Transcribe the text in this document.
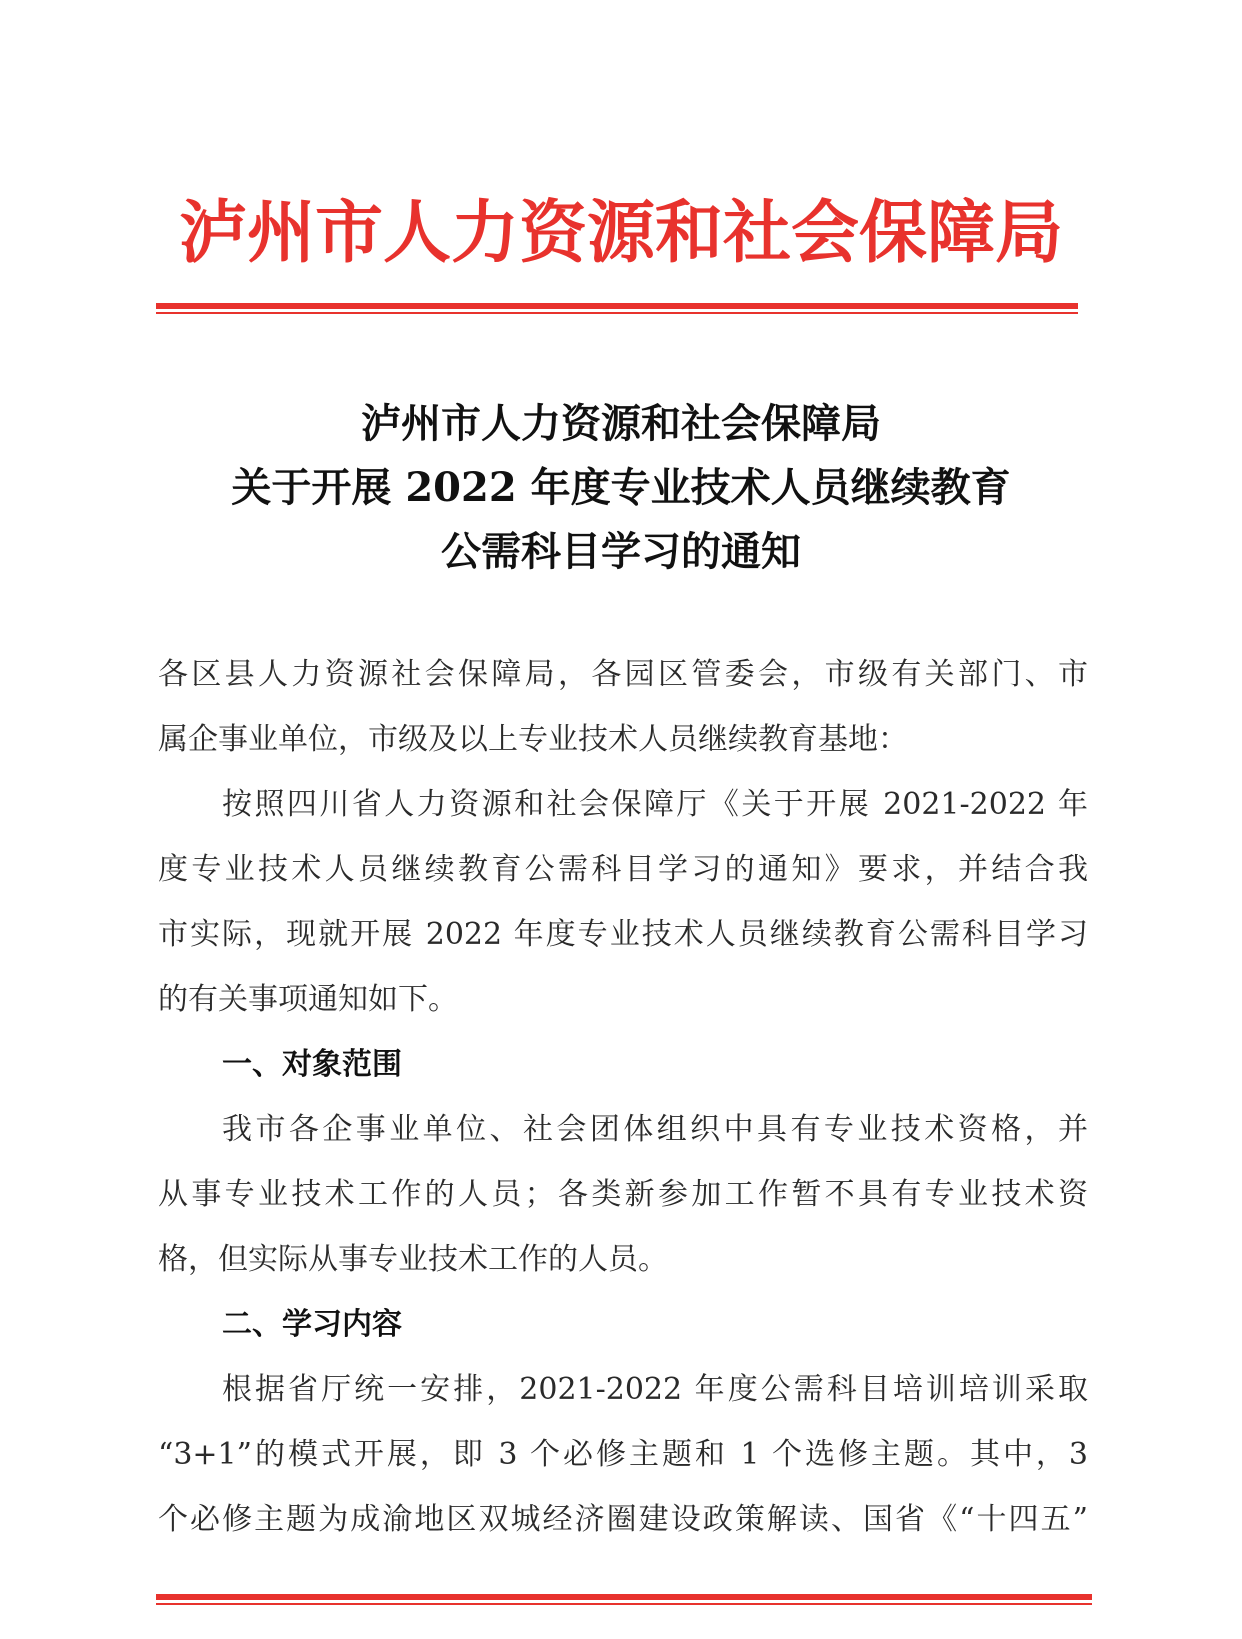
泸州市人力资源和社会保障局
泸州市人力资源和社会保障局
关于开展 2022 年度专业技术人员继续教育
公需科目学习的通知
各区县人力资源社会保障局，各园区管委会，市级有关部门、市
属企事业单位，市级及以上专业技术人员继续教育基地：
按照四川省人力资源和社会保障厅《关于开展 2021-2022 年
度专业技术人员继续教育公需科目学习的通知》要求，并结合我
市实际，现就开展 2022 年度专业技术人员继续教育公需科目学习
的有关事项通知如下。
一、对象范围
我市各企事业单位、社会团体组织中具有专业技术资格，并
从事专业技术工作的人员；各类新参加工作暂不具有专业技术资
格，但实际从事专业技术工作的人员。
二、学习内容
根据省厅统一安排，2021-2022 年度公需科目培训培训采取
“3+1”的模式开展，即 3 个必修主题和 1 个选修主题。其中，3
个必修主题为成渝地区双城经济圈建设政策解读、国省《“十四五”
